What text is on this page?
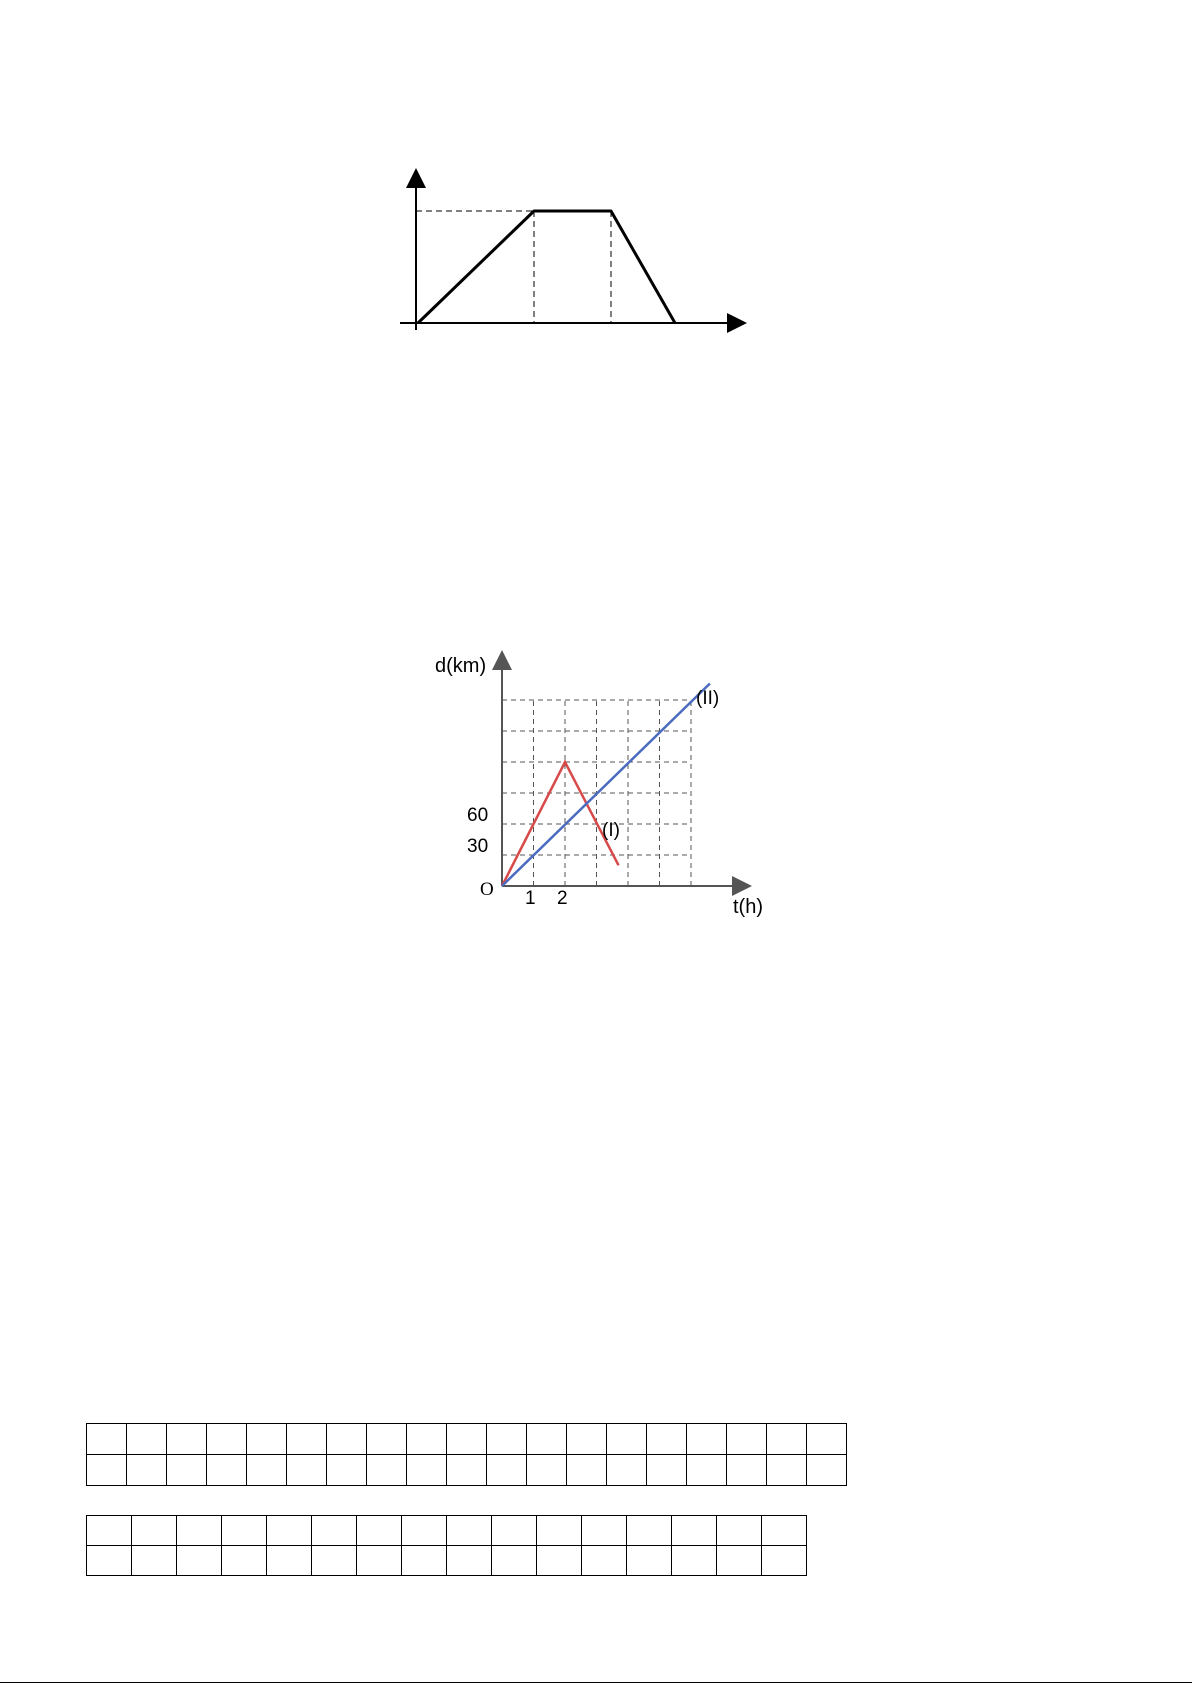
d(km)
t(h)
O 1 2
30
60
(I)
(II)
